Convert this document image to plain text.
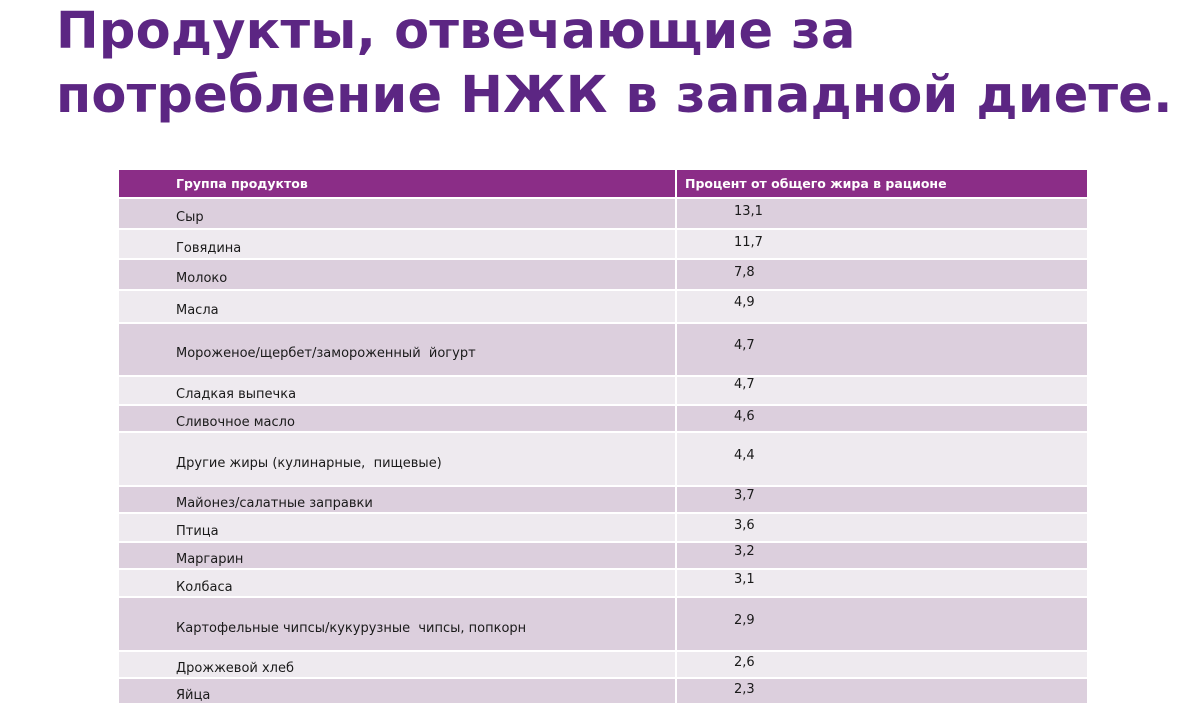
Продукты, отвечающие за потребление НЖК в западной диете.
Группа продуктов	Процент от общего жира в рационе
Сыр	13,1
Говядина	11,7
Молоко	7,8
Масла	4,9
Мороженое/щербет/замороженный  йогурт	4,7
Сладкая выпечка	4,7
Сливочное масло	4,6
Другие жиры (кулинарные,  пищевые)	4,4
Майонез/салатные заправки	3,7
Птица	3,6
Маргарин	3,2
Колбаса	3,1
Картофельные чипсы/кукурузные  чипсы, попкорн	2,9
Дрожжевой хлеб	2,6
Яйца	2,3
